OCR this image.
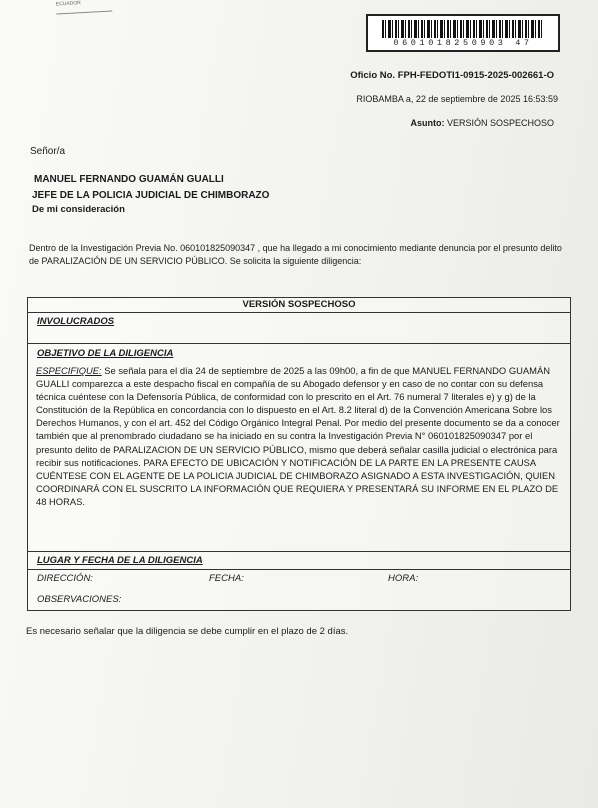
ECUADOR
0601018250903 47
Oficio No. FPH-FEDOTI1-0915-2025-002661-O
RIOBAMBA a, 22 de septiembre de 2025 16:53:59
Asunto: VERSIÓN SOSPECHOSO
Señor/a
MANUEL FERNANDO GUAMÁN GUALLI
JEFE DE LA POLICIA JUDICIAL DE CHIMBORAZO
De mi consideración
Dentro de la Investigación Previa No. 060101825090347 , que ha llegado a mi conocimiento mediante denuncia por el presunto delito de PARALIZACIÓN DE UN SERVICIO PÚBLICO. Se solicita la siguiente diligencia:
VERSIÓN SOSPECHOSO
INVOLUCRADOS
OBJETIVO DE LA DILIGENCIA
ESPECIFIQUE: Se señala para el día 24 de septiembre de 2025 a las 09h00, a fin de que MANUEL FERNANDO GUAMÁN GUALLI comparezca a este despacho fiscal en compañía de su Abogado defensor y en caso de no contar con su defensa técnica cuéntese con la Defensoría Pública, de conformidad con lo prescrito en el Art. 76 numeral 7 literales e) y g) de la Constitución de la República en concordancia con lo dispuesto en el Art. 8.2 literal d) de la Convención Americana Sobre los Derechos Humanos, y con el art. 452 del Código Orgánico Integral Penal. Por medio del presente documento se da a conocer también que al prenombrado ciudadano se ha iniciado en su contra la Investigación Previa N° 060101825090347 por el presunto delito de PARALIZACION DE UN SERVICIO PÚBLICO, mismo que deberá señalar casilla judicial o electrónica para recibir sus notificaciones. PARA EFECTO DE UBICACIÓN Y NOTIFICACIÓN DE LA PARTE EN LA PRESENTE CAUSA CUÉNTESE CON EL AGENTE DE LA POLICIA JUDICIAL DE CHIMBORAZO ASIGNADO A ESTA INVESTIGACIÓN, QUIEN COORDINARÁ CON EL SUSCRITO LA INFORMACIÓN QUE REQUIERA Y PRESENTARÁ SU INFORME EN EL PLAZO DE 48 HORAS.
LUGAR Y FECHA DE LA DILIGENCIA
DIRECCIÓN:	FECHA:	HORA:
OBSERVACIONES:
Es necesario señalar que la diligencia se debe cumplir en el plazo de 2 días.
